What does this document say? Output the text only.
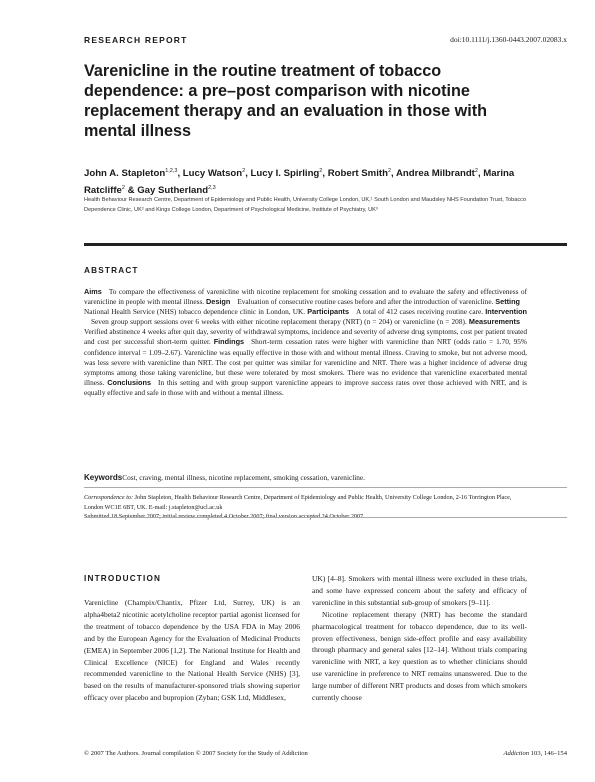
RESEARCH REPORT	doi:10.1111/j.1360-0443.2007.02083.x
Varenicline in the routine treatment of tobacco dependence: a pre–post comparison with nicotine replacement therapy and an evaluation in those with mental illness
John A. Stapleton$^{1,2,3}$, Lucy Watson$^2$, Lucy I. Spirling$^2$, Robert Smith$^2$, Andrea Milbrandt$^2$, Marina Ratcliffe$^2$ & Gay Sutherland$^{2,3}$
Health Behaviour Research Centre, Department of Epidemiology and Public Health, University College London, UK,¹ South London and Maudsley NHS Foundation Trust, Tobacco Dependence Clinic, UK² and Kings College London, Department of Psychological Medicine, Institute of Psychiatry, UK³
ABSTRACT
Aims To compare the effectiveness of varenicline with nicotine replacement for smoking cessation and to evaluate the safety and effectiveness of varenicline in people with mental illness. Design Evaluation of consecutive routine cases before and after the introduction of varenicline. SettingNational Health Service (NHS) tobacco dependence clinic in London, UK. Participants A total of 412 cases receiving routine care. InterventionSeven group support sessions over 6 weeks with either nicotine replacement therapy (NRT) (n = 204) or varenicline (n = 208). MeasurementsVerified abstinence 4 weeks after quit day, severity of withdrawal symptoms, incidence and severity of adverse drug symptoms, cost per patient treated and cost per successful short-term quitter. Findings Short-term cessation rates were higher with varenicline than NRT (odds ratio = 1.70, 95% confidence interval = 1.09–2.67). Varenicline was equally effective in those with and without mental illness. Craving to smoke, but not adverse mood, was less severe with varenicline than NRT. The cost per quitter was similar for varenicline and NRT. There was a higher incidence of adverse drug symptoms among those taking varenicline, but these were tolerated by most smokers. There was no evidence that varenicline exacerbated mental illness. Conclusions In this setting and with group support varenicline appears to improve success rates over those achieved with NRT, and is equally effective and safe in those with and without a mental illness.
KeywordsCost, craving, mental illness, nicotine replacement, smoking cessation, varenicline.
Correspondence to: John Stapleton, Health Behaviour Research Centre, Department of Epidemiology and Public Health, University College London, 2-16 Torrington Place, London WC1E 6BT, UK. E-mail: j.stapleton@ucl.ac.uk

INTRODUCTION

Varenicline (Champix/Chantix, Pfizer Ltd, Surrey, UK) is an alpha4beta2 nicotinic acetylcholine receptor partial agonist licensed for the treatment of tobacco dependence by the USA FDA in May 2006 and by the European Agency for the Evaluation of Medicinal Products (EMEA) in September 2006 [1,2]. The National Institute for Health and Clinical Excellence (NICE) for England and Wales recently recommended varenicline to the National Health Service (NHS) [3], based on the results of manufacturer-sponsored trials showing superior efficacy over placebo and bupropion (Zyban; GSK Ltd, Middlesex,

UK) [4–8]. Smokers with mental illness were excluded in these trials, and some have expressed concern about the safety and efficacy of varenicline in this substantial sub-group of smokers [9–11].

Nicotine replacement therapy (NRT) has become the standard pharmacological treatment for tobacco dependence, due to its well-proven effectiveness, benign side-effect profile and easy availability through pharmacy and general sales [12–14]. Without trials comparing varenicline with NRT, a key question as to whether clinicians should use varenicline in preference to NRT remains unanswered. Due to the large number of different NRT products and doses from which smokers currently choose

© 2007 The Authors. Journal compilation © 2007 Society for the Study of Addiction	Addiction 103, 146–154
